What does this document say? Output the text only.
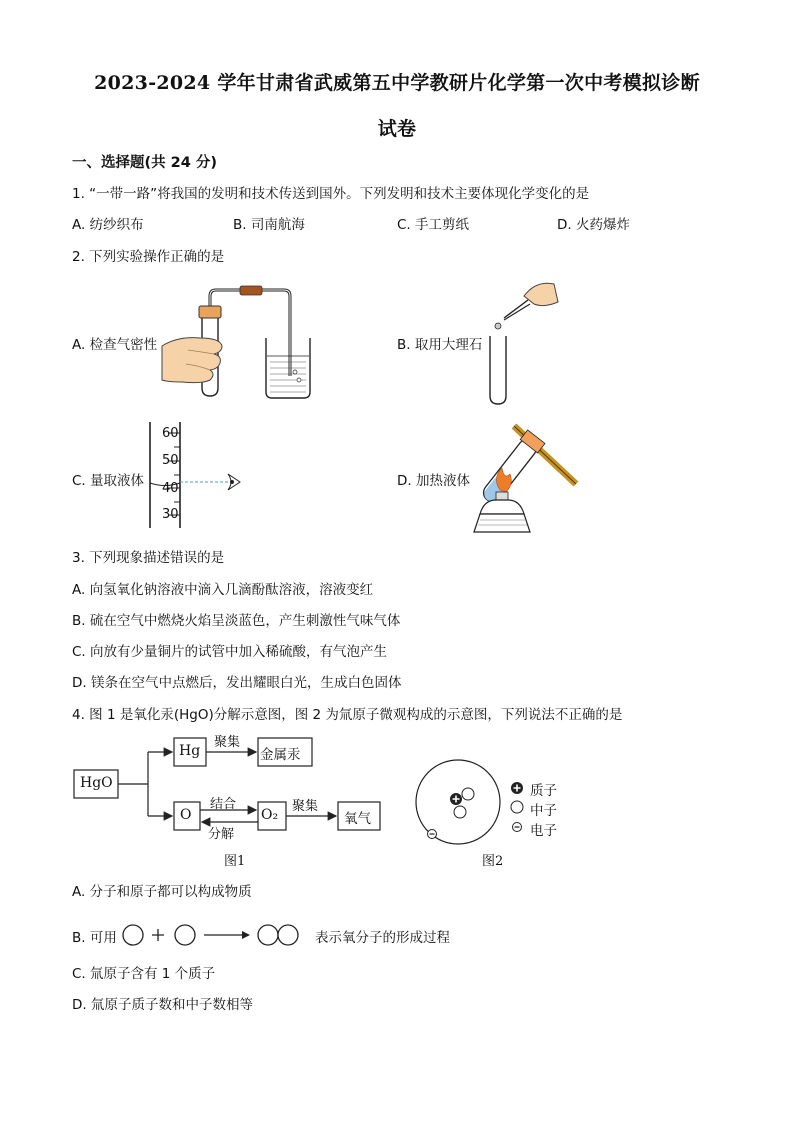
2023-2024 学年甘肃省武威第五中学教研片化学第一次中考模拟诊断
试卷
一、选择题(共 24 分)
1. “一带一路”将我国的发明和技术传送到国外。下列发明和技术主要体现化学变化的是
A. 纺纱织布	B. 司南航海	C. 手工剪纸	D. 火药爆炸
2. 下列实验操作正确的是
A. 检查气密性	B. 取用大理石
C. 量取液体	D. 加热液体
60
50
40
30
3. 下列现象描述错误的是
A. 向氢氧化钠溶液中滴入几滴酚酞溶液，溶液变红
B. 硫在空气中燃烧火焰呈淡蓝色，产生刺激性气味气体
C. 向放有少量铜片的试管中加入稀硫酸，有气泡产生
D. 镁条在空气中点燃后，发出耀眼白光，生成白色固体
4. 图 1 是氧化汞(HgO)分解示意图，图 2 为氚原子微观构成的示意图，下列说法不正确的是
HgO
Hg	金属汞
O	O₂	氧气
聚集
聚集
结合
分解
图1
质子
中子
电子
图2
A. 分子和原子都可以构成物质
B. 可用	表示氧分子的形成过程
C. 氚原子含有 1 个质子
D. 氚原子质子数和中子数相等
